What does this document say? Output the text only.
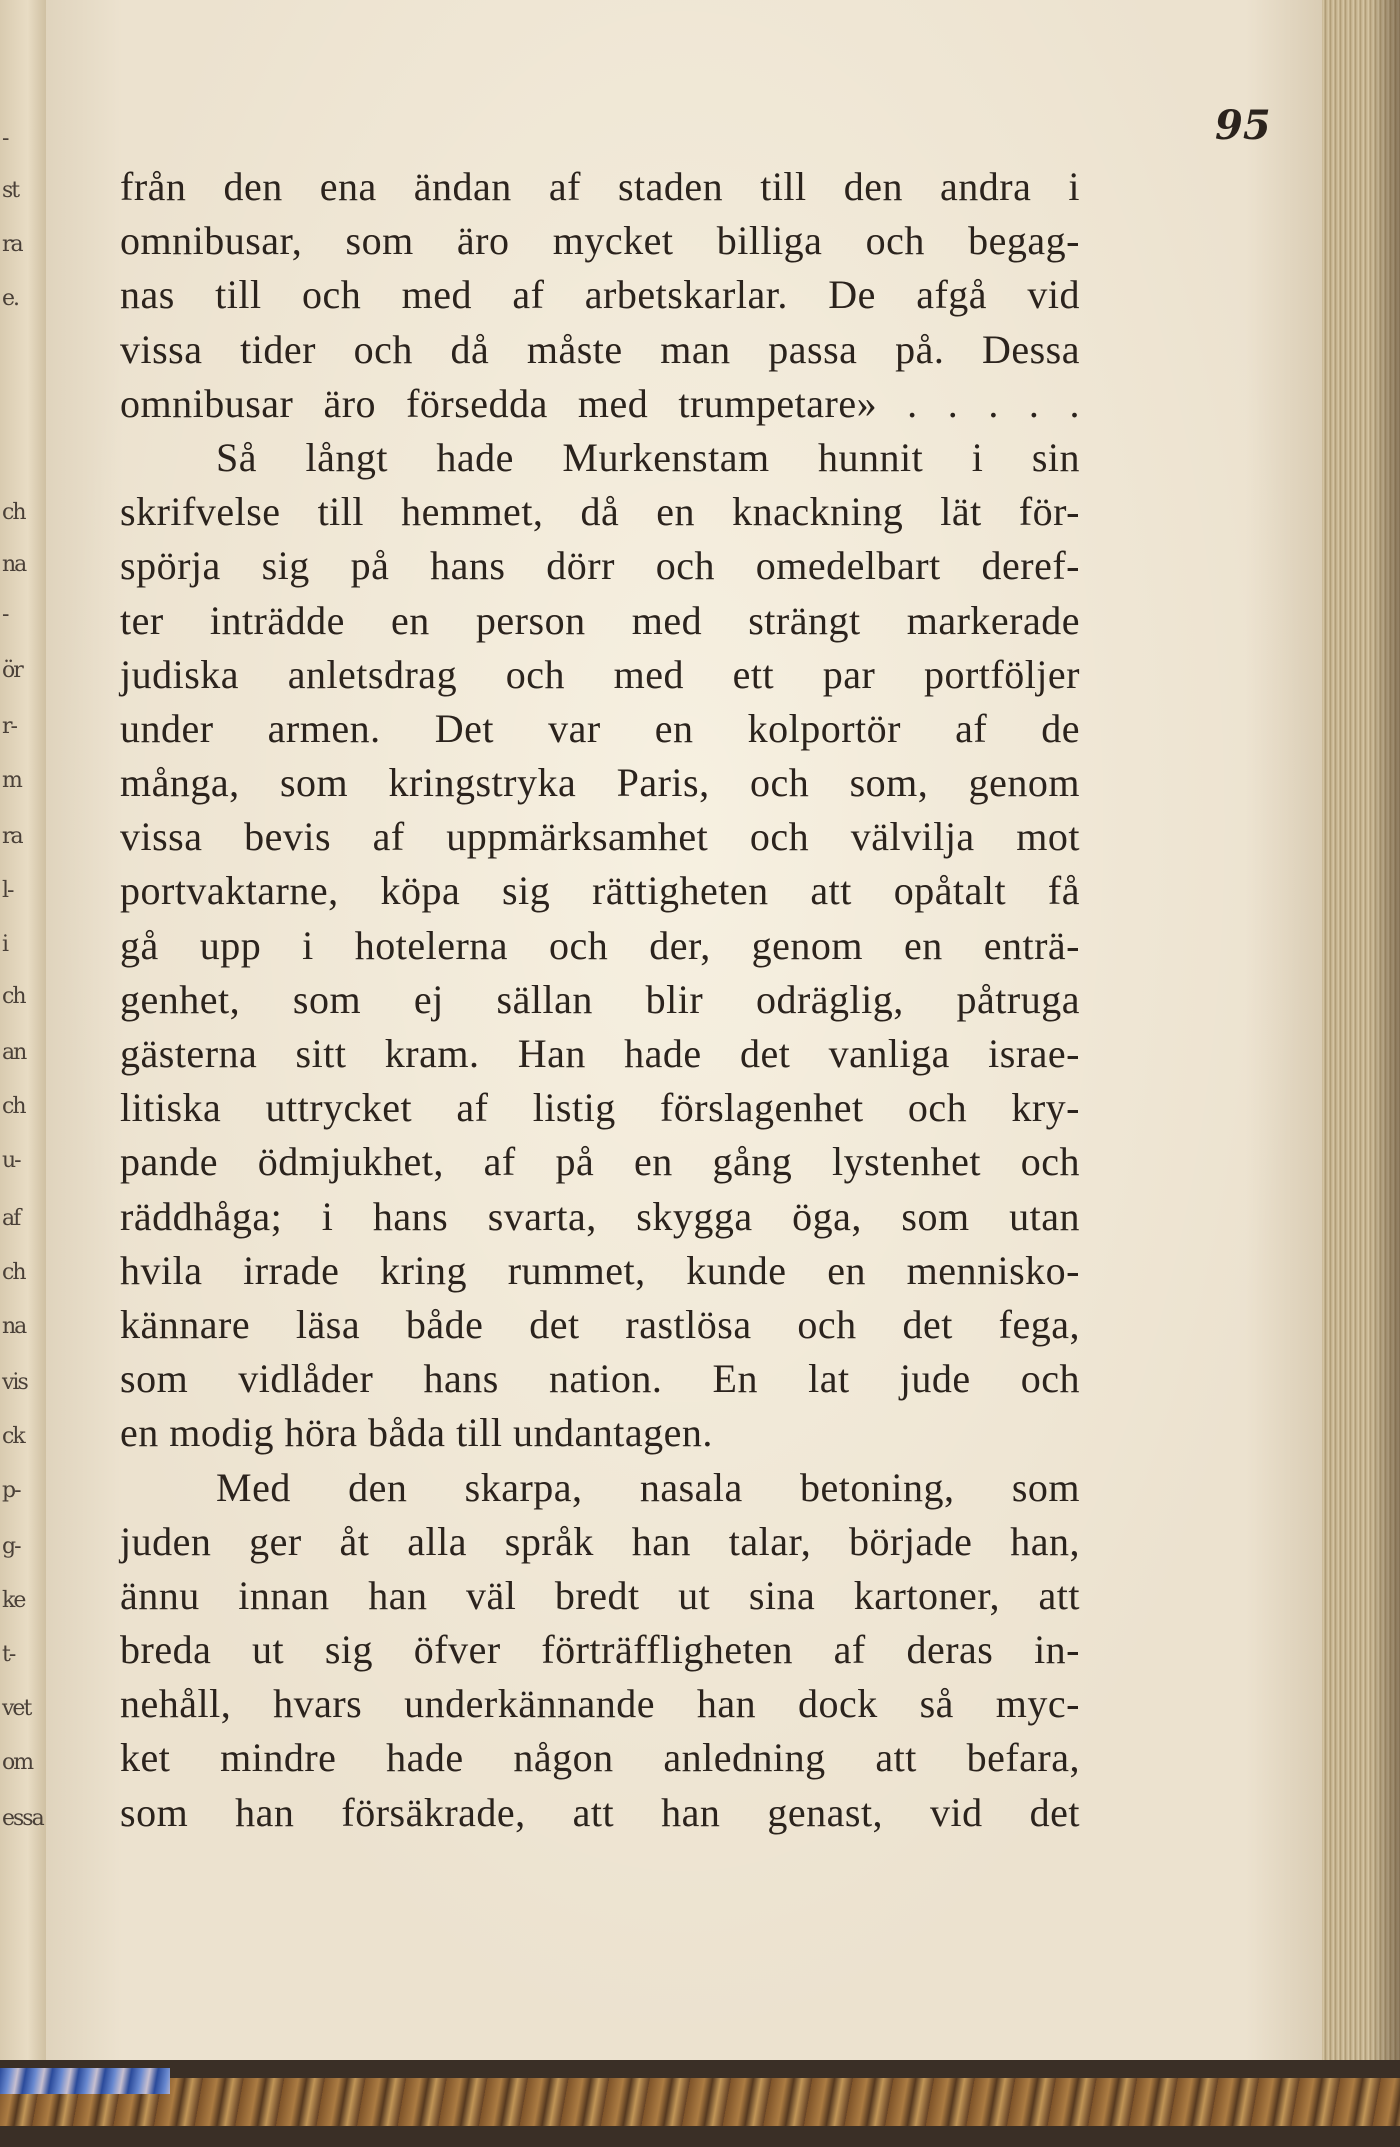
-
st
ra
e.
ch
na
-
ör
r-
m
ra
l-
i
ch
an
ch
u-
af
ch
na
vis
ck
p-
g-
ke
t-
vet
om
essa
95
från den ena ändan af staden till den andra i
omnibusar, som äro mycket billiga och begag-
nas till och med af arbetskarlar. De afgå vid
vissa tider och då måste man passa på. Dessa
omnibusar äro försedda med trumpetare» . . . . .
Så långt hade Murkenstam hunnit i sin
skrifvelse till hemmet, då en knackning lät för-
spörja sig på hans dörr och omedelbart deref-
ter inträdde en person med strängt markerade
judiska anletsdrag och med ett par portföljer
under armen. Det var en kolportör af de
många, som kringstryka Paris, och som, genom
vissa bevis af uppmärksamhet och välvilja mot
portvaktarne, köpa sig rättigheten att opåtalt få
gå upp i hotelerna och der, genom en enträ-
genhet, som ej sällan blir odräglig, påtruga
gästerna sitt kram. Han hade det vanliga israe-
litiska uttrycket af listig förslagenhet och kry-
pande ödmjukhet, af på en gång lystenhet och
räddhåga; i hans svarta, skygga öga, som utan
hvila irrade kring rummet, kunde en mennisko-
kännare läsa både det rastlösa och det fega,
som vidlåder hans nation. En lat jude och
en modig höra båda till undantagen.
Med den skarpa, nasala betoning, som
juden ger åt alla språk han talar, började han,
ännu innan han väl bredt ut sina kartoner, att
breda ut sig öfver förträffligheten af deras in-
nehåll, hvars underkännande han dock så myc-
ket mindre hade någon anledning att befara,
som han försäkrade, att han genast, vid det
